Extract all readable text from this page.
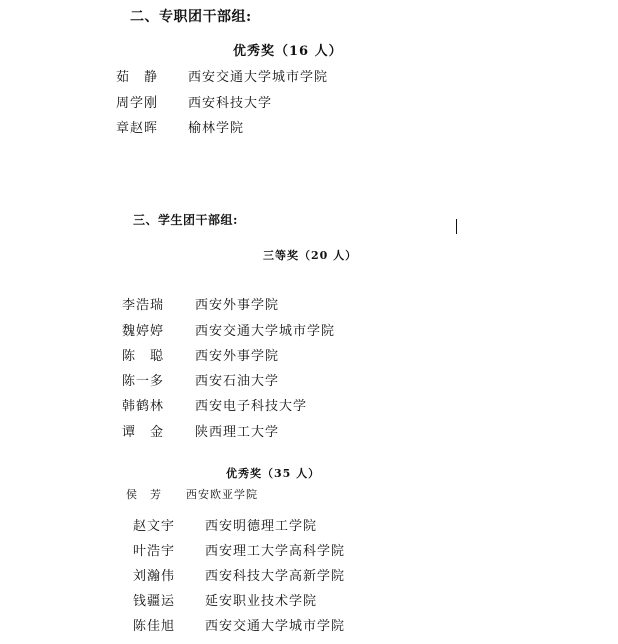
二、专职团干部组:
优秀奖（16 人）
茹　静 西安交通大学城市学院
周学刚 西安科技大学
章赵晖 榆林学院
三、学生团干部组:
三等奖（20 人）

李浩瑞 西安外事学院
魏婷婷 西安交通大学城市学院
陈　聪 西安外事学院
陈一多 西安石油大学
韩鹤林 西安电子科技大学
谭　金 陕西理工大学
优秀奖（35 人）
侯　芳 西安欧亚学院
赵文宇 西安明德理工学院
叶浩宇 西安理工大学高科学院
刘瀚伟 西安科技大学高新学院
钱疆运 延安职业技术学院
陈佳旭 西安交通大学城市学院
